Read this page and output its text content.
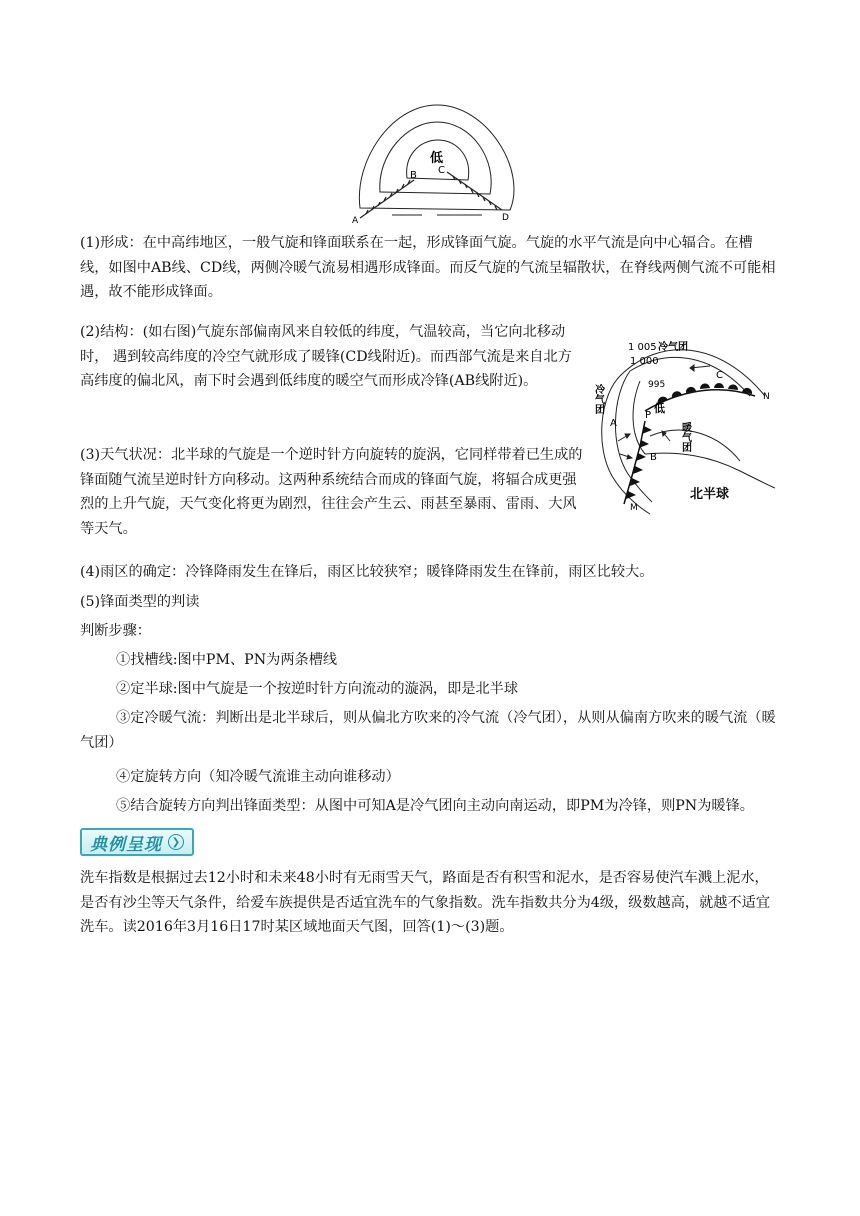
低
A
B C
D

(1)形成：在中高纬地区，一般气旋和锋面联系在一起，形成锋面气旋。气旋的水平气流是向中心辐合。在槽线，如图中AB线、CD线，两侧冷暖气流易相遇形成锋面。而反气旋的气流呈辐散状，在脊线两侧气流不可能相遇，故不能形成锋面。

(2)结构：(如右图)气旋东部偏南风来自较低的纬度，气温较高，当它向北移动时， 遇到较高纬度的冷空气就形成了暖锋(CD线附近)。而西部气流是来自北方高纬度的偏北风，南下时会遇到低纬度的暖空气而形成冷锋(AB线附近)。

(3)天气状况：北半球的气旋是一个逆时针方向旋转的旋涡，它同样带着已生成的锋面随气流呈逆时针方向移动。这两种系统结合而成的锋面气旋，将辐合成更强烈的上升气旋，天气变化将更为剧烈，往往会产生云、雨甚至暴雨、雷雨、大风等天气。

1 005 冷气团
1 000
995
冷气团
暖气团
P
低
A
B
C
N
M
北半球

(4)雨区的确定：冷锋降雨发生在锋后，雨区比较狭窄；暖锋降雨发生在锋前，雨区比较大。

(5)锋面类型的判读

判断步骤：

①找槽线:图中PM、PN为两条槽线

②定半球:图中气旋是一个按逆时针方向流动的漩涡，即是北半球

③定冷暖气流：判断出是北半球后，则从偏北方吹来的冷气流（冷气团），从则从偏南方吹来的暖气流（暖气团）

④定旋转方向（知冷暖气流谁主动向谁移动）

⑤结合旋转方向判出锋面类型：从图中可知A是冷气团向主动向南运动，即PM为冷锋，则PN为暖锋。

典例呈现 ❯

洗车指数是根据过去12小时和未来48小时有无雨雪天气，路面是否有积雪和泥水，是否容易使汽车溅上泥水，是否有沙尘等天气条件，给爱车族提供是否适宜洗车的气象指数。洗车指数共分为4级，级数越高，就越不适宜洗车。读2016年3月16日17时某区域地面天气图，回答(1)～(3)题。
